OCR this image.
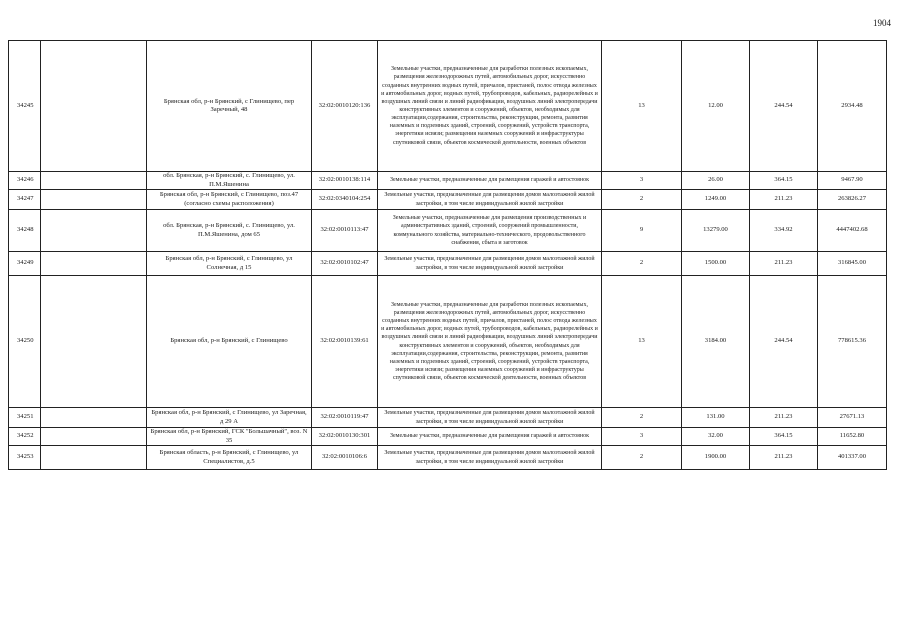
1904
34245		Брянская обл, р-н Брянский, с Глинищево, пер Заречный, 48	32:02:0010120:136	Земельные участки, предназначенные для разработки полезных ископаемых, размещения железнодорожных путей, автомобильных дорог, искусственно созданных внутренних водных путей, причалов, пристаней, полос отвода железных и автомобильных дорог, водных путей, трубопроводов, кабельных, радиорелейных и воздушных линий связи и линий радиофикации, воздушных линий электропередачи конструктивных элементов и сооружений, объектов, необходимых для эксплуатации,содержания, строительства, реконструкции, ремонта, развития наземных и подземных зданий, строений, сооружений, устройств транспорта, энергетики исвязи; размещения наземных сооружений и инфраструктуры спутниковой связи, объектов космической деятельности, военных объектов	13	12.00	244.54	2934.48
34246		обл. Брянская, р-н Брянский, с. Глинищево, ул. П.М.Яшенина	32:02:0010138:114	Земельные участки, предназначенные для размещения гаражей и автостоянок	3	26.00	364.15	9467.90
34247		Брянская обл, р-н Брянский, с Глинищево, поз.47 (согласно схемы расположения)	32:02:0340104:254	Земельные участки, предназначенные для размещения домов малоэтажной жилой застройки, в том числе индивидуальной жилой застройки	2	1249.00	211.23	263826.27
34248		обл. Брянская, р-н Брянский, с. Глинищево, ул. П.М.Яшенина, дом 65	32:02:0010113:47	Земельные участки, предназначенные для размещения производственных и административных зданий, строений, сооружений промышленности, коммунального хозяйства, материально-технического, продовольственного снабжения, сбыта и заготовок	9	13279.00	334.92	4447402.68
34249		Брянская обл, р-н Брянский, с Глинищево, ул Солнечная, д 15	32:02:0010102:47	Земельные участки, предназначенные для размещения домов малоэтажной жилой застройки, в том числе индивидуальной жилой застройки	2	1500.00	211.23	316845.00
34250		Брянская обл, р-н Брянский, с Глинищево	32:02:0010139:61	Земельные участки, предназначенные для разработки полезных ископаемых, размещения железнодорожных путей, автомобильных дорог, искусственно созданных внутренних водных путей, причалов, пристаней, полос отвода железных и автомобильных дорог, водных путей, трубопроводов, кабельных, радиорелейных и воздушных линий связи и линий радиофикации, воздушных линий электропередачи конструктивных элементов и сооружений, объектов, необходимых для эксплуатации,содержания, строительства, реконструкции, ремонта, развития наземных и подземных зданий, строений, сооружений, устройств транспорта, энергетики исвязи; размещения наземных сооружений и инфраструктуры спутниковой связи, объектов космической деятельности, военных объектов	13	3184.00	244.54	778615.36
34251		Брянская обл, р-н Брянский, с Глинищево, ул Заречная, д 29 А	32:02:0010119:47	Земельные участки, предназначенные для размещения домов малоэтажной жилой застройки, в том числе индивидуальной жилой застройки	2	131.00	211.23	27671.13
34252		Брянская обл, р-н Брянский, ГСК "Большачный", воз. N 35	32:02:0010130:301	Земельные участки, предназначенные для размещения гаражей и автостоянок	3	32.00	364.15	11652.80
34253		Брянская область, р-н Брянский, с Глинищево, ул Специалистов, д.5	32:02:0010106:6	Земельные участки, предназначенные для размещения домов малоэтажной жилой застройки, в том числе индивидуальной жилой застройки	2	1900.00	211.23	401337.00
